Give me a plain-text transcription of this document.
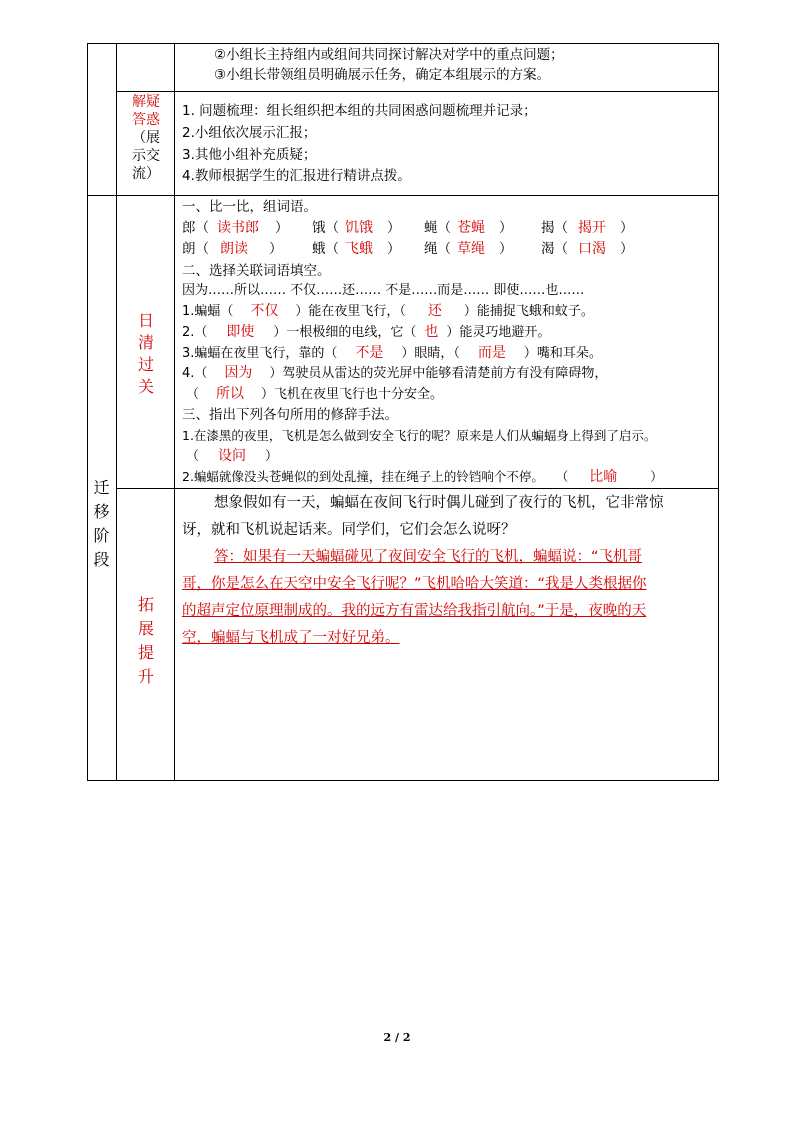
②小组长主持组内或组间共同探讨解决对学中的重点问题；
③小组长带领组员明确展示任务，确定本组展示的方案。
解疑
答惑
（展
示交
流）
1. 问题梳理：组长组织把本组的共同困惑问题梳理并记录；
2.小组依次展示汇报；
3.其他小组补充质疑；
4.教师根据学生的汇报进行精讲点拨。
迁
移
阶
段
日
清
过
关
一、比一比，组词语。
郎（ 读书郎 ） 饿（ 饥饿 ） 蝇（ 苍蝇 ） 揭（ 揭开 ）
朗（ 朗读 ） 蛾（ 飞蛾 ） 绳（ 草绳 ） 渴（ 口渴 ）
二、选择关联词语填空。
因为……所以…… 不仅……还…… 不是……而是…… 即使……也……
1.蝙蝠（ 不仅 ）能在夜里飞行，（ 还 ）能捕捉飞蛾和蚊子。
2.（ 即使 ）一根极细的电线，它（ 也 ）能灵巧地避开。
3.蝙蝠在夜里飞行，靠的（ 不是 ）眼睛，（ 而是 ）嘴和耳朵。
4.（ 因为 ）驾驶员从雷达的荧光屏中能够看清楚前方有没有障碍物，
（ 所以 ）飞机在夜里飞行也十分安全。
三、指出下列各句所用的修辞手法。
1.在漆黑的夜里，飞机是怎么做到安全飞行的呢？原来是人们从蝙蝠身上得到了启示。
（ 设问 ）
2.蝙蝠就像没头苍蝇似的到处乱撞，挂在绳子上的铃铛响个不停。 （ 比喻	）
拓
展
提
升
想象假如有一天，蝙蝠在夜间飞行时偶儿碰到了夜行的飞机，它非常惊
讶，就和飞机说起话来。同学们，它们会怎么说呀？
答：如果有一天蝙蝠碰见了夜间安全飞行的飞机，蝙蝠说：“飞机哥
哥，你是怎么在天空中安全飞行呢？”飞机哈哈大笑道：“我是人类根据你
的超声定位原理制成的。我的远方有雷达给我指引航向。”于是，夜晚的天
空，蝙蝠与飞机成了一对好兄弟。
2 / 2
